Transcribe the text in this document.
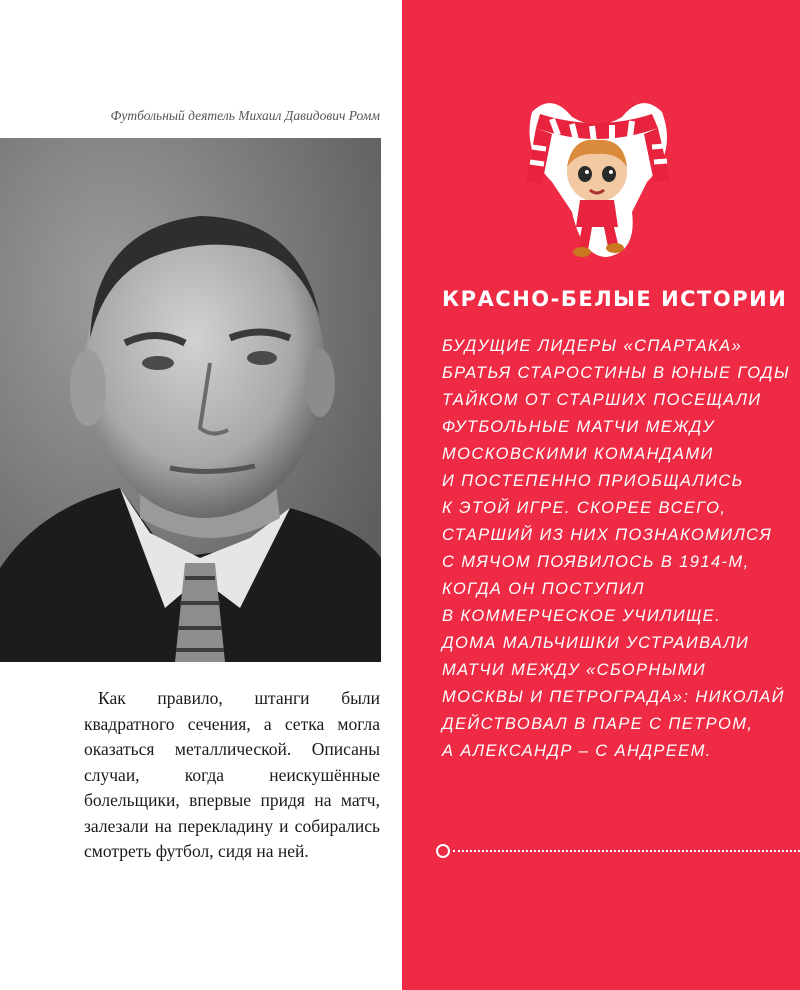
Футбольный деятель Михаил Давидович Ромм

Как правило, штанги были квадратного сечения, а сетка могла оказаться металлической. Описаны случаи, когда неискушённые болельщики, впервые придя на матч, залезали на перекладину и собирались смотреть футбол, сидя на ней.

КРАСНО-БЕЛЫЕ ИСТОРИИ

БУДУЩИЕ ЛИДЕРЫ «СПАРТАКА»
БРАТЬЯ СТАРОСТИНЫ В ЮНЫЕ ГОДЫ
ТАЙКОМ ОТ СТАРШИХ ПОСЕЩАЛИ
ФУТБОЛЬНЫЕ МАТЧИ МЕЖДУ
МОСКОВСКИМИ КОМАНДАМИ
И ПОСТЕПЕННО ПРИОБЩАЛИСЬ
К ЭТОЙ ИГРЕ. СКОРЕЕ ВСЕГО,
СТАРШИЙ ИЗ НИХ ПОЗНАКОМИЛСЯ
С МЯЧОМ ПОЯВИЛОСЬ В 1914-М,
КОГДА ОН ПОСТУПИЛ
В КОММЕРЧЕСКОЕ УЧИЛИЩЕ.
ДОМА МАЛЬЧИШКИ УСТРАИВАЛИ
МАТЧИ МЕЖДУ «СБОРНЫМИ
МОСКВЫ И ПЕТРОГРАДА»: НИКОЛАЙ
ДЕЙСТВОВАЛ В ПАРЕ С ПЕТРОМ,
А АЛЕКСАНДР – С АНДРЕЕМ.
